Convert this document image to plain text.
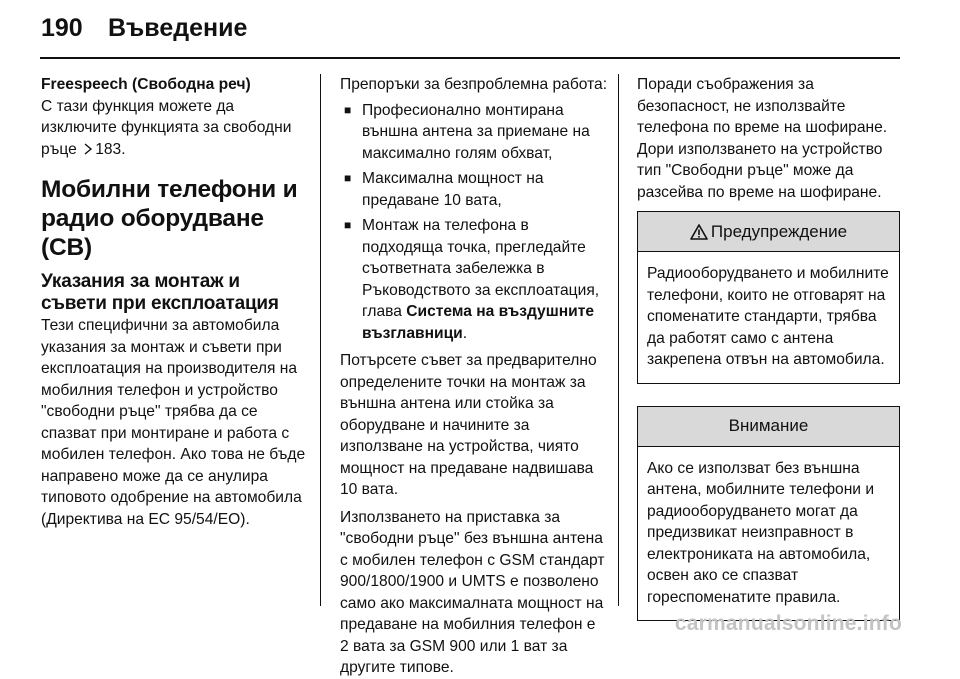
190	Въведение

Freespeech (Свободна реч)

С тази функция можете да изключите функцията за свободни ръце 183.

Мобилни телефони и радио оборудване (CB)

Указания за монтаж и съвети при експлоатация

Тези специфични за автомобила указания за монтаж и съвети при експлоатация на производителя на мобилния телефон и устройство "свободни ръце" трябва да се спазват при монтиране и работа с мобилен телефон. Ако това не бъде направено може да се анулира типовото одобрение на автомобила (Директива на ЕС 95/54/ЕО).

Препоръки за безпроблемна работа:

■ Професионално монтирана външна антена за приемане на максимално голям обхват,
■ Максимална мощност на предаване 10 вата,
■ Монтаж на телефона в подходяща точка, прегледайте съответната забележка в Ръководството за експлоатация, глава Система на въздушните възглавници.

Потърсете съвет за предварително определените точки на монтаж за външна антена или стойка за оборудване и начините за използване на устройства, чиято мощност на предаване надвишава 10 вата.

Използването на приставка за "свободни ръце" без външна антена с мобилен телефон с GSM стандарт 900/1800/1900 и UMTS е позволено само ако максималната мощност на предаване на мобилния телефон е 2 вата за GSM 900 или 1 ват за другите типове.

Поради съображения за безопасност, не използвайте телефона по време на шофиране. Дори използването на устройство тип "Свободни ръце" може да разсейва по време на шофиране.

Предупреждение
Радиооборудването и мобилните телефони, които не отговарят на споменатите стандарти, трябва да работят само с антена закрепена отвън на автомобила.
Внимание
Ако се използват без външна антена, мобилните телефони и радиооборудването могат да предизвикат неизправност в електрониката на автомобила, освен ако се спазват гореспоменатите правила.
carmanualsonline.info
